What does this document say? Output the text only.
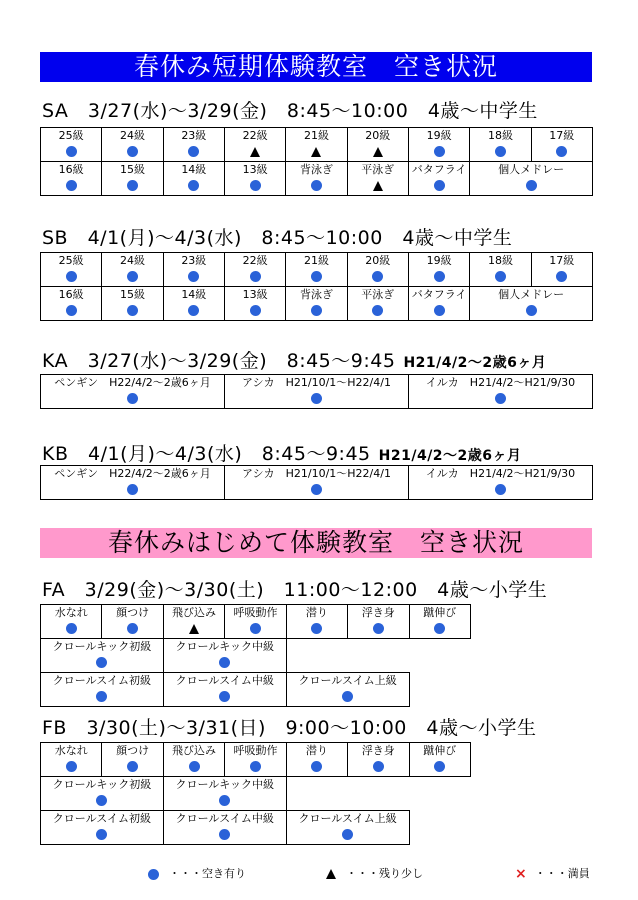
春休み短期体験教室　空き状況
SA　3/27(水)～3/29(金)　8:45～10:00　4歳～中学生
25級	24級	23級	22級	21級	20級	19級	18級	17級

16級	15級	14級	13級	背泳ぎ	平泳ぎ	バタフライ	個人メドレー	
SB　4/1(月)～4/3(水)　8:45～10:00　4歳～中学生
25級	24級	23級	22級	21級	20級	19級	18級	17級

16級	15級	14級	13級	背泳ぎ	平泳ぎ	バタフライ	個人メドレー	
KA　3/27(水)～3/29(金)　8:45～9:45 H21/4/2～2歳6ヶ月
ペンギン　H22/4/2～2歳6ヶ月	アシカ　H21/10/1～H22/4/1	イルカ　H21/4/2～H21/9/30
KB　4/1(月)～4/3(水)　8:45～9:45 H21/4/2～2歳6ヶ月
ペンギン　H22/4/2～2歳6ヶ月	アシカ　H21/10/1～H22/4/1	イルカ　H21/4/2～H21/9/30
春休みはじめて体験教室　空き状況
FA　3/29(金)～3/30(土)　11:00～12:00　4歳～小学生
水なれ	顔つけ	飛び込み	呼吸動作	潜り	浮き身	蹴伸び

クロールキック初級		クロールキック中級				

クロールスイム初級		クロールスイム中級		クロールスイム上級		

FB　3/30(土)～3/31(日)　9:00～10:00　4歳～小学生
水なれ	顔つけ	飛び込み	呼吸動作	潜り	浮き身	蹴伸び

クロールキック初級		クロールキック中級				

クロールスイム初級		クロールスイム中級		クロールスイム上級		

・・・空き有り	・・・残り少し	× ・・・満員
